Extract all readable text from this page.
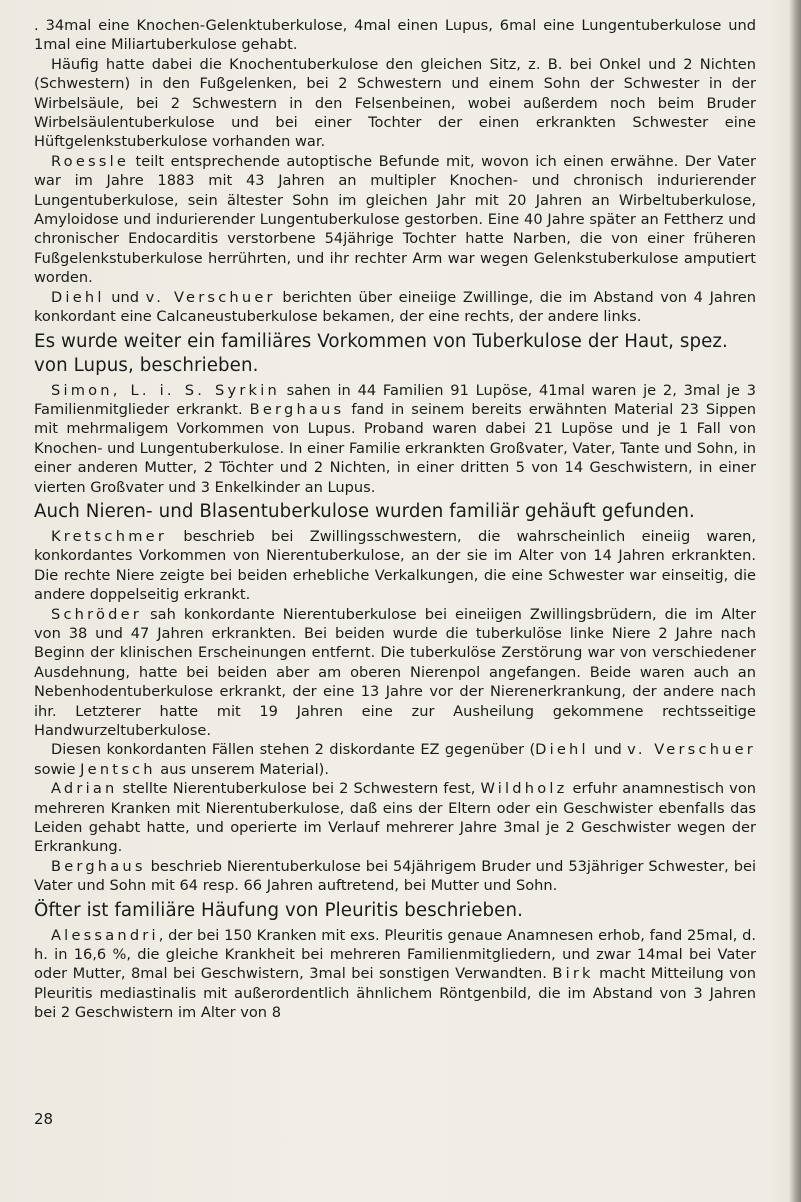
. 34mal eine Knochen-Gelenktuberkulose, 4mal einen Lupus, 6mal eine Lungentuberkulose und 1mal eine Miliartuberkulose gehabt.

Häufig hatte dabei die Knochentuberkulose den gleichen Sitz, z. B. bei Onkel und 2 Nichten (Schwestern) in den Fußgelenken, bei 2 Schwestern und einem Sohn der Schwester in der Wirbelsäule, bei 2 Schwestern in den Felsenbeinen, wobei außerdem noch beim Bruder Wirbelsäulentuberkulose und bei einer Tochter der einen erkrankten Schwester eine Hüftgelenkstuberkulose vorhanden war.

Roessle teilt entsprechende autoptische Befunde mit, wovon ich einen erwähne. Der Vater war im Jahre 1883 mit 43 Jahren an multipler Knochen- und chronisch indurierender Lungentuberkulose, sein ältester Sohn im gleichen Jahr mit 20 Jahren an Wirbeltuberkulose, Amyloidose und indurierender Lungentuberkulose gestorben. Eine 40 Jahre später an Fettherz und chronischer Endocarditis verstorbene 54jährige Tochter hatte Narben, die von einer früheren Fußgelenkstuberkulose herrührten, und ihr rechter Arm war wegen Gelenkstuberkulose amputiert worden.

Diehl und v. Verschuer berichten über eineiige Zwillinge, die im Abstand von 4 Jahren konkordant eine Calcaneustuberkulose bekamen, der eine rechts, der andere links.

Es wurde weiter ein familiäres Vorkommen von Tuberkulose der Haut, spez. von Lupus, beschrieben.

Simon, L. i. S. Syrkin sahen in 44 Familien 91 Lupöse, 41mal waren je 2, 3mal je 3 Familienmitglieder erkrankt. Berghaus fand in seinem bereits erwähnten Material 23 Sippen mit mehrmaligem Vorkommen von Lupus. Proband waren dabei 21 Lupöse und je 1 Fall von Knochen- und Lungentuberkulose. In einer Familie erkrankten Großvater, Vater, Tante und Sohn, in einer anderen Mutter, 2 Töchter und 2 Nichten, in einer dritten 5 von 14 Geschwistern, in einer vierten Großvater und 3 Enkelkinder an Lupus.

Auch Nieren- und Blasentuberkulose wurden familiär gehäuft gefunden.

Kretschmer beschrieb bei Zwillingsschwestern, die wahrscheinlich eineiig waren, konkordantes Vorkommen von Nierentuberkulose, an der sie im Alter von 14 Jahren erkrankten. Die rechte Niere zeigte bei beiden erhebliche Verkalkungen, die eine Schwester war einseitig, die andere doppelseitig erkrankt.

Schröder sah konkordante Nierentuberkulose bei eineiigen Zwillingsbrüdern, die im Alter von 38 und 47 Jahren erkrankten. Bei beiden wurde die tuberkulöse linke Niere 2 Jahre nach Beginn der klinischen Erscheinungen entfernt. Die tuberkulöse Zerstörung war von verschiedener Ausdehnung, hatte bei beiden aber am oberen Nierenpol angefangen. Beide waren auch an Nebenhodentuberkulose erkrankt, der eine 13 Jahre vor der Nierenerkrankung, der andere nach ihr. Letzterer hatte mit 19 Jahren eine zur Ausheilung gekommene rechtsseitige Handwurzeltuberkulose.

Diesen konkordanten Fällen stehen 2 diskordante EZ gegenüber (Diehl und v. Verschuer sowie Jentsch aus unserem Material).

Adrian stellte Nierentuberkulose bei 2 Schwestern fest, Wildholz erfuhr anamnestisch von mehreren Kranken mit Nierentuberkulose, daß eins der Eltern oder ein Geschwister ebenfalls das Leiden gehabt hatte, und operierte im Verlauf mehrerer Jahre 3mal je 2 Geschwister wegen der Erkrankung.

Berghaus beschrieb Nierentuberkulose bei 54jährigem Bruder und 53jähriger Schwester, bei Vater und Sohn mit 64 resp. 66 Jahren auftretend, bei Mutter und Sohn.

Öfter ist familiäre Häufung von Pleuritis beschrieben.

Alessandri, der bei 150 Kranken mit exs. Pleuritis genaue Anamnesen erhob, fand 25mal, d. h. in 16,6 %, die gleiche Krankheit bei mehreren Familienmitgliedern, und zwar 14mal bei Vater oder Mutter, 8mal bei Geschwistern, 3mal bei sonstigen Verwandten. Birk macht Mitteilung von Pleuritis mediastinalis mit außerordentlich ähnlichem Röntgenbild, die im Abstand von 3 Jahren bei 2 Geschwistern im Alter von 8

28
